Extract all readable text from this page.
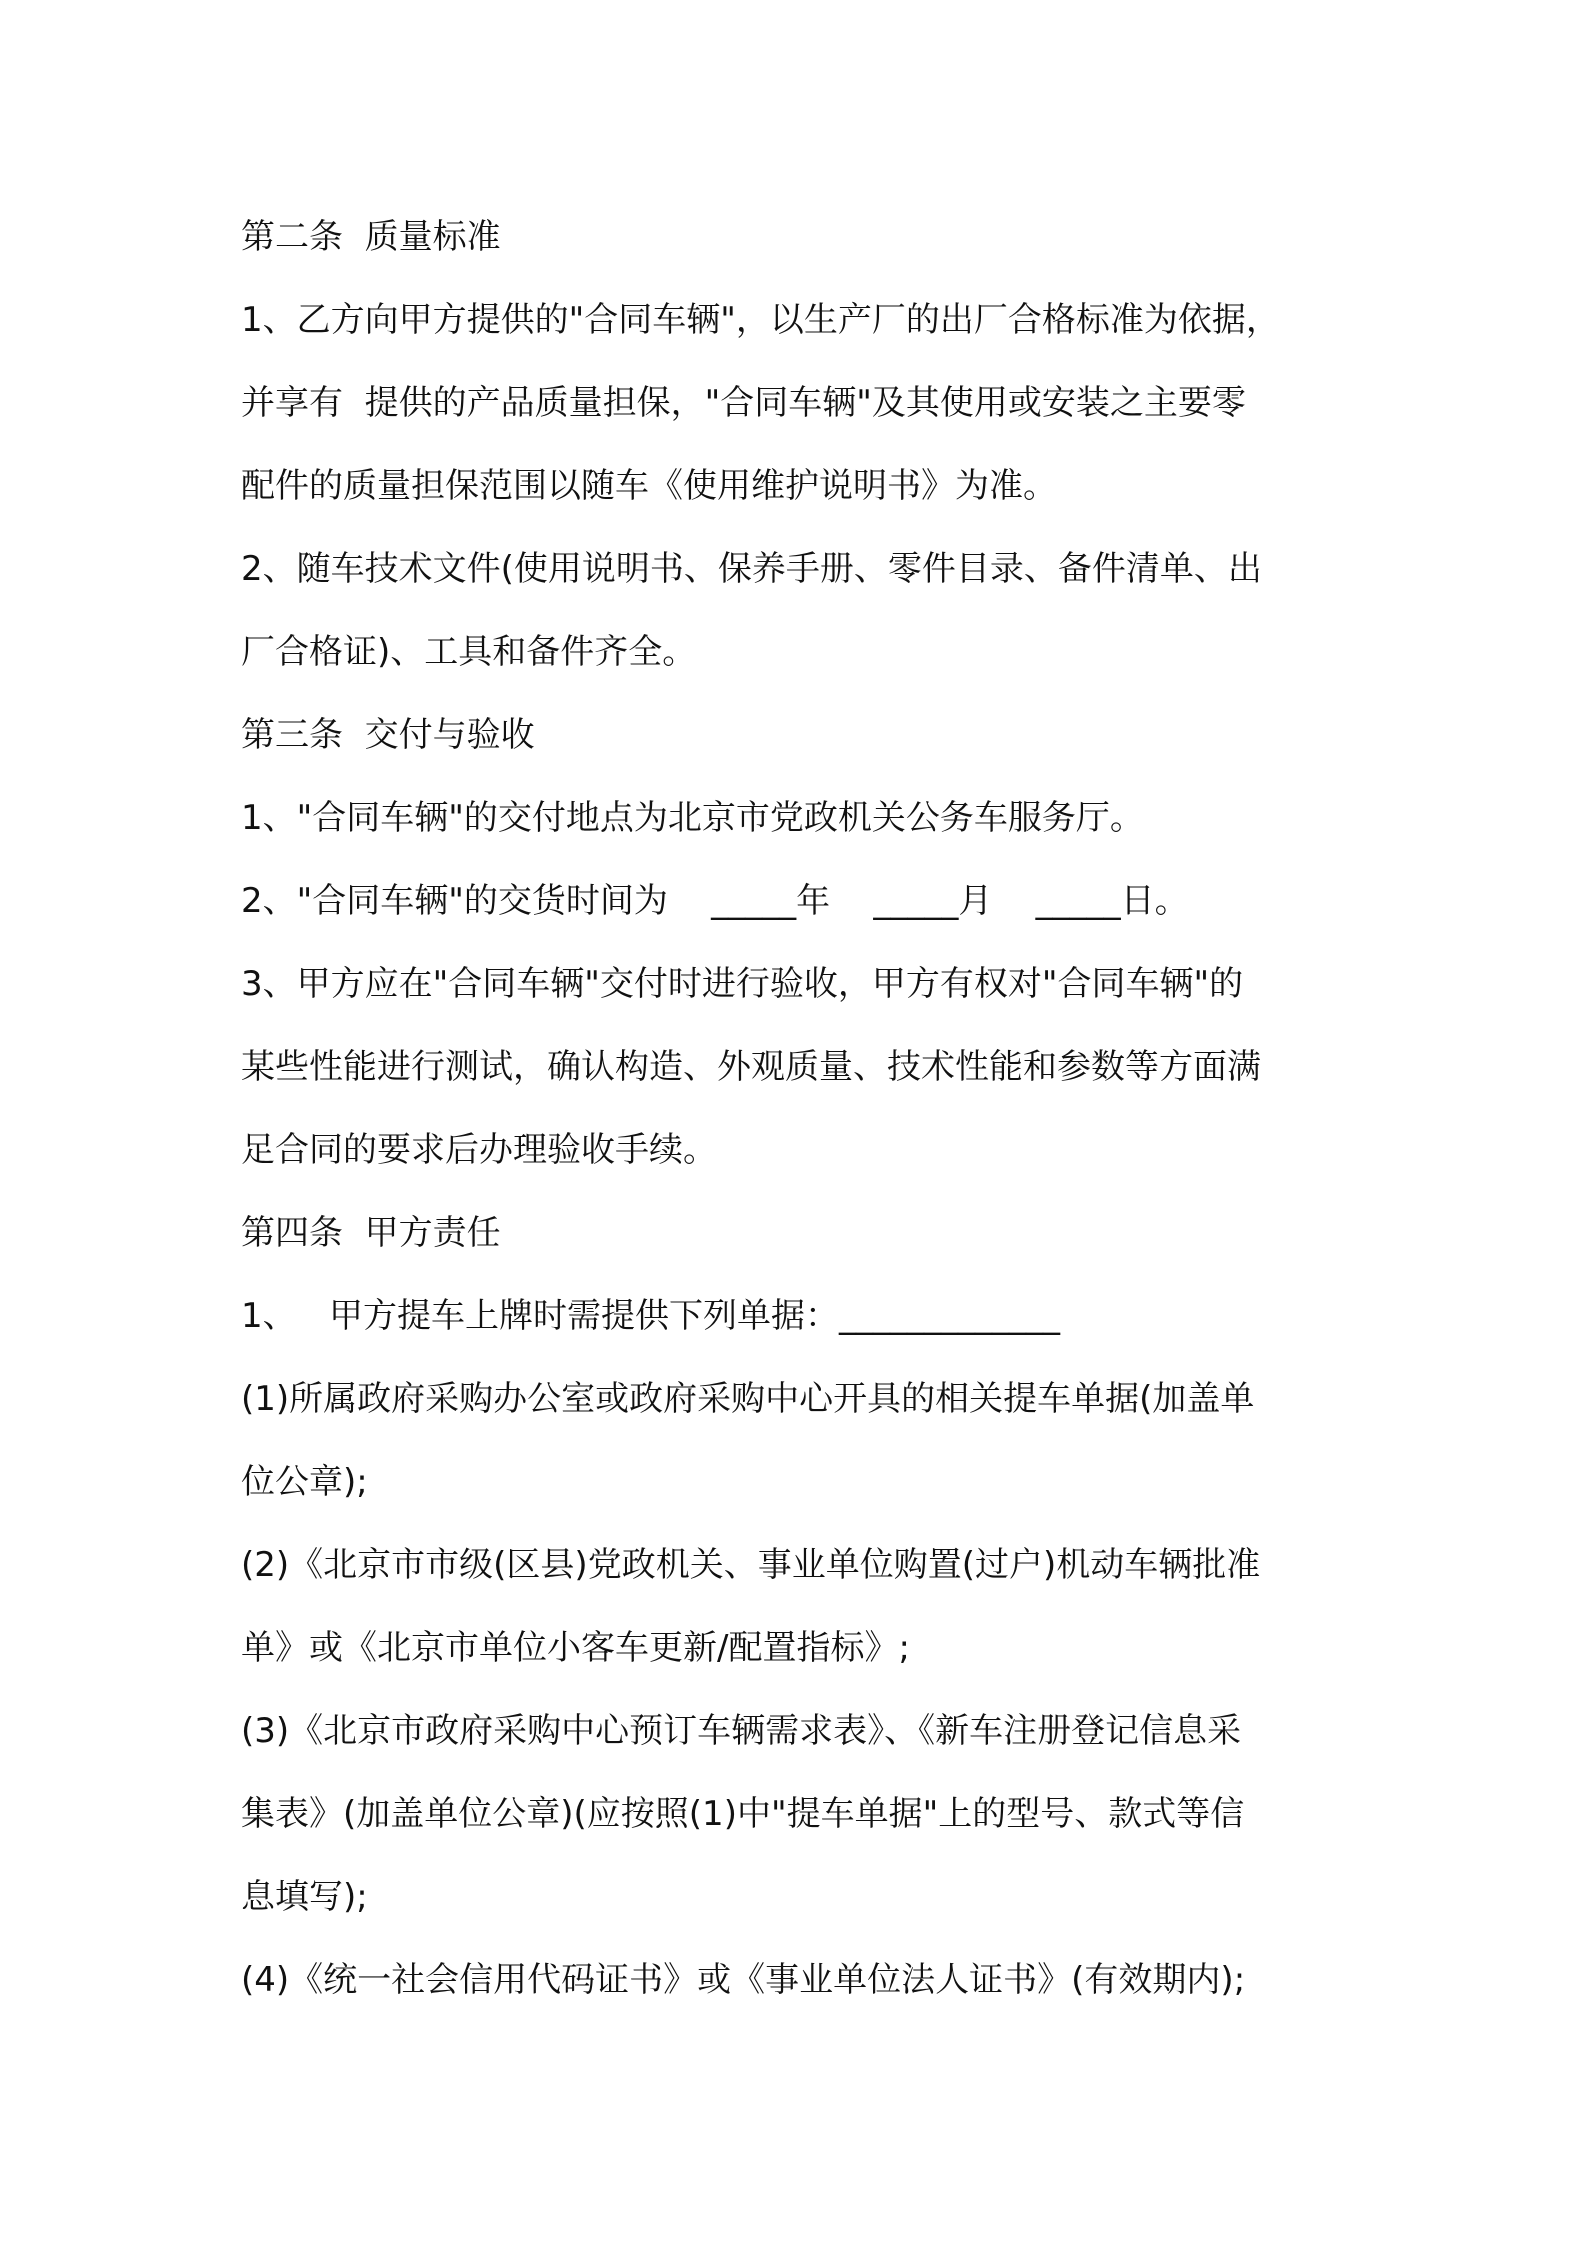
第二条  质量标准
1、乙方向甲方提供的"合同车辆"，以生产厂的出厂合格标准为依据，
并享有  提供的产品质量担保，"合同车辆"及其使用或安装之主要零
配件的质量担保范围以随车《使用维护说明书》为准。
2、随车技术文件(使用说明书、保养手册、零件目录、备件清单、出
厂合格证)、工具和备件齐全。
第三条  交付与验收
1、"合同车辆"的交付地点为北京市党政机关公务车服务厅。
2、"合同车辆"的交货时间为    _____年    _____月    _____日。
3、甲方应在"合同车辆"交付时进行验收，甲方有权对"合同车辆"的
某些性能进行测试，确认构造、外观质量、技术性能和参数等方面满
足合同的要求后办理验收手续。
第四条  甲方责任
1、   甲方提车上牌时需提供下列单据：_____________
(1)所属政府采购办公室或政府采购中心开具的相关提车单据(加盖单
位公章);
(2)《北京市市级(区县)党政机关、事业单位购置(过户)机动车辆批准
单》或《北京市单位小客车更新/配置指标》;
(3)《北京市政府采购中心预订车辆需求表》、《新车注册登记信息采
集表》(加盖单位公章)(应按照(1)中"提车单据"上的型号、款式等信
息填写);
(4)《统一社会信用代码证书》或《事业单位法人证书》(有效期内);
